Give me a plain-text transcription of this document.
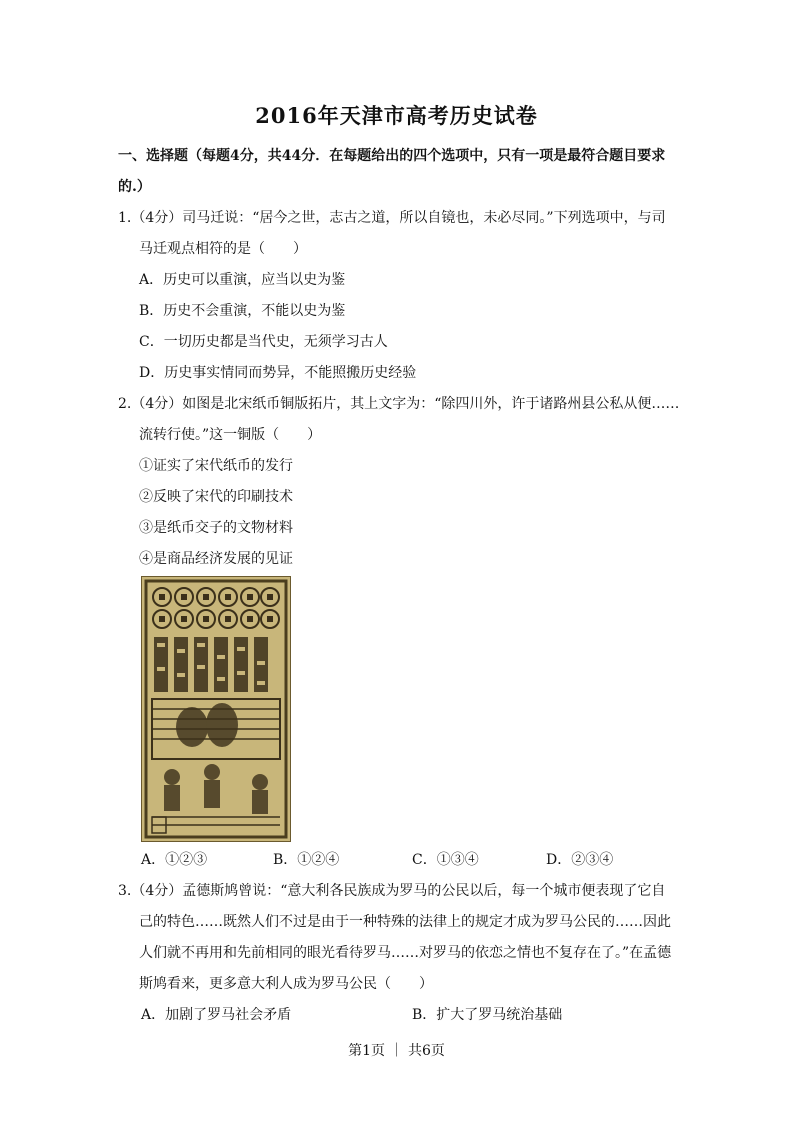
2016年天津市高考历史试卷
一、选择题（每题4分，共44分．在每题给出的四个选项中，只有一项是最符合题目要求
的.）
1.（4分）司马迁说：“居今之世，志古之道，所以自镜也，未必尽同。”下列选项中，与司
马迁观点相符的是（　　）
A．历史可以重演，应当以史为鉴
B．历史不会重演，不能以史为鉴
C．一切历史都是当代史，无须学习古人
D．历史事实情同而势异，不能照搬历史经验
2.（4分）如图是北宋纸币铜版拓片，其上文字为：“除四川外，许于诸路州县公私从便……
流转行使。”这一铜版（　　）
①证实了宋代纸币的发行
②反映了宋代的印刷技术
③是纸币交子的文物材料
④是商品经济发展的见证
A．①②③	B．①②④	C．①③④	D．②③④
3.（4分）孟德斯鸠曾说：“意大利各民族成为罗马的公民以后，每一个城市便表现了它自
己的特色……既然人们不过是由于一种特殊的法律上的规定才成为罗马公民的……因此
人们就不再用和先前相同的眼光看待罗马……对罗马的依恋之情也不复存在了。”在孟德
斯鸠看来，更多意大利人成为罗马公民（　　）
A．加剧了罗马社会矛盾	B．扩大了罗马统治基础
第1页 ｜ 共6页
